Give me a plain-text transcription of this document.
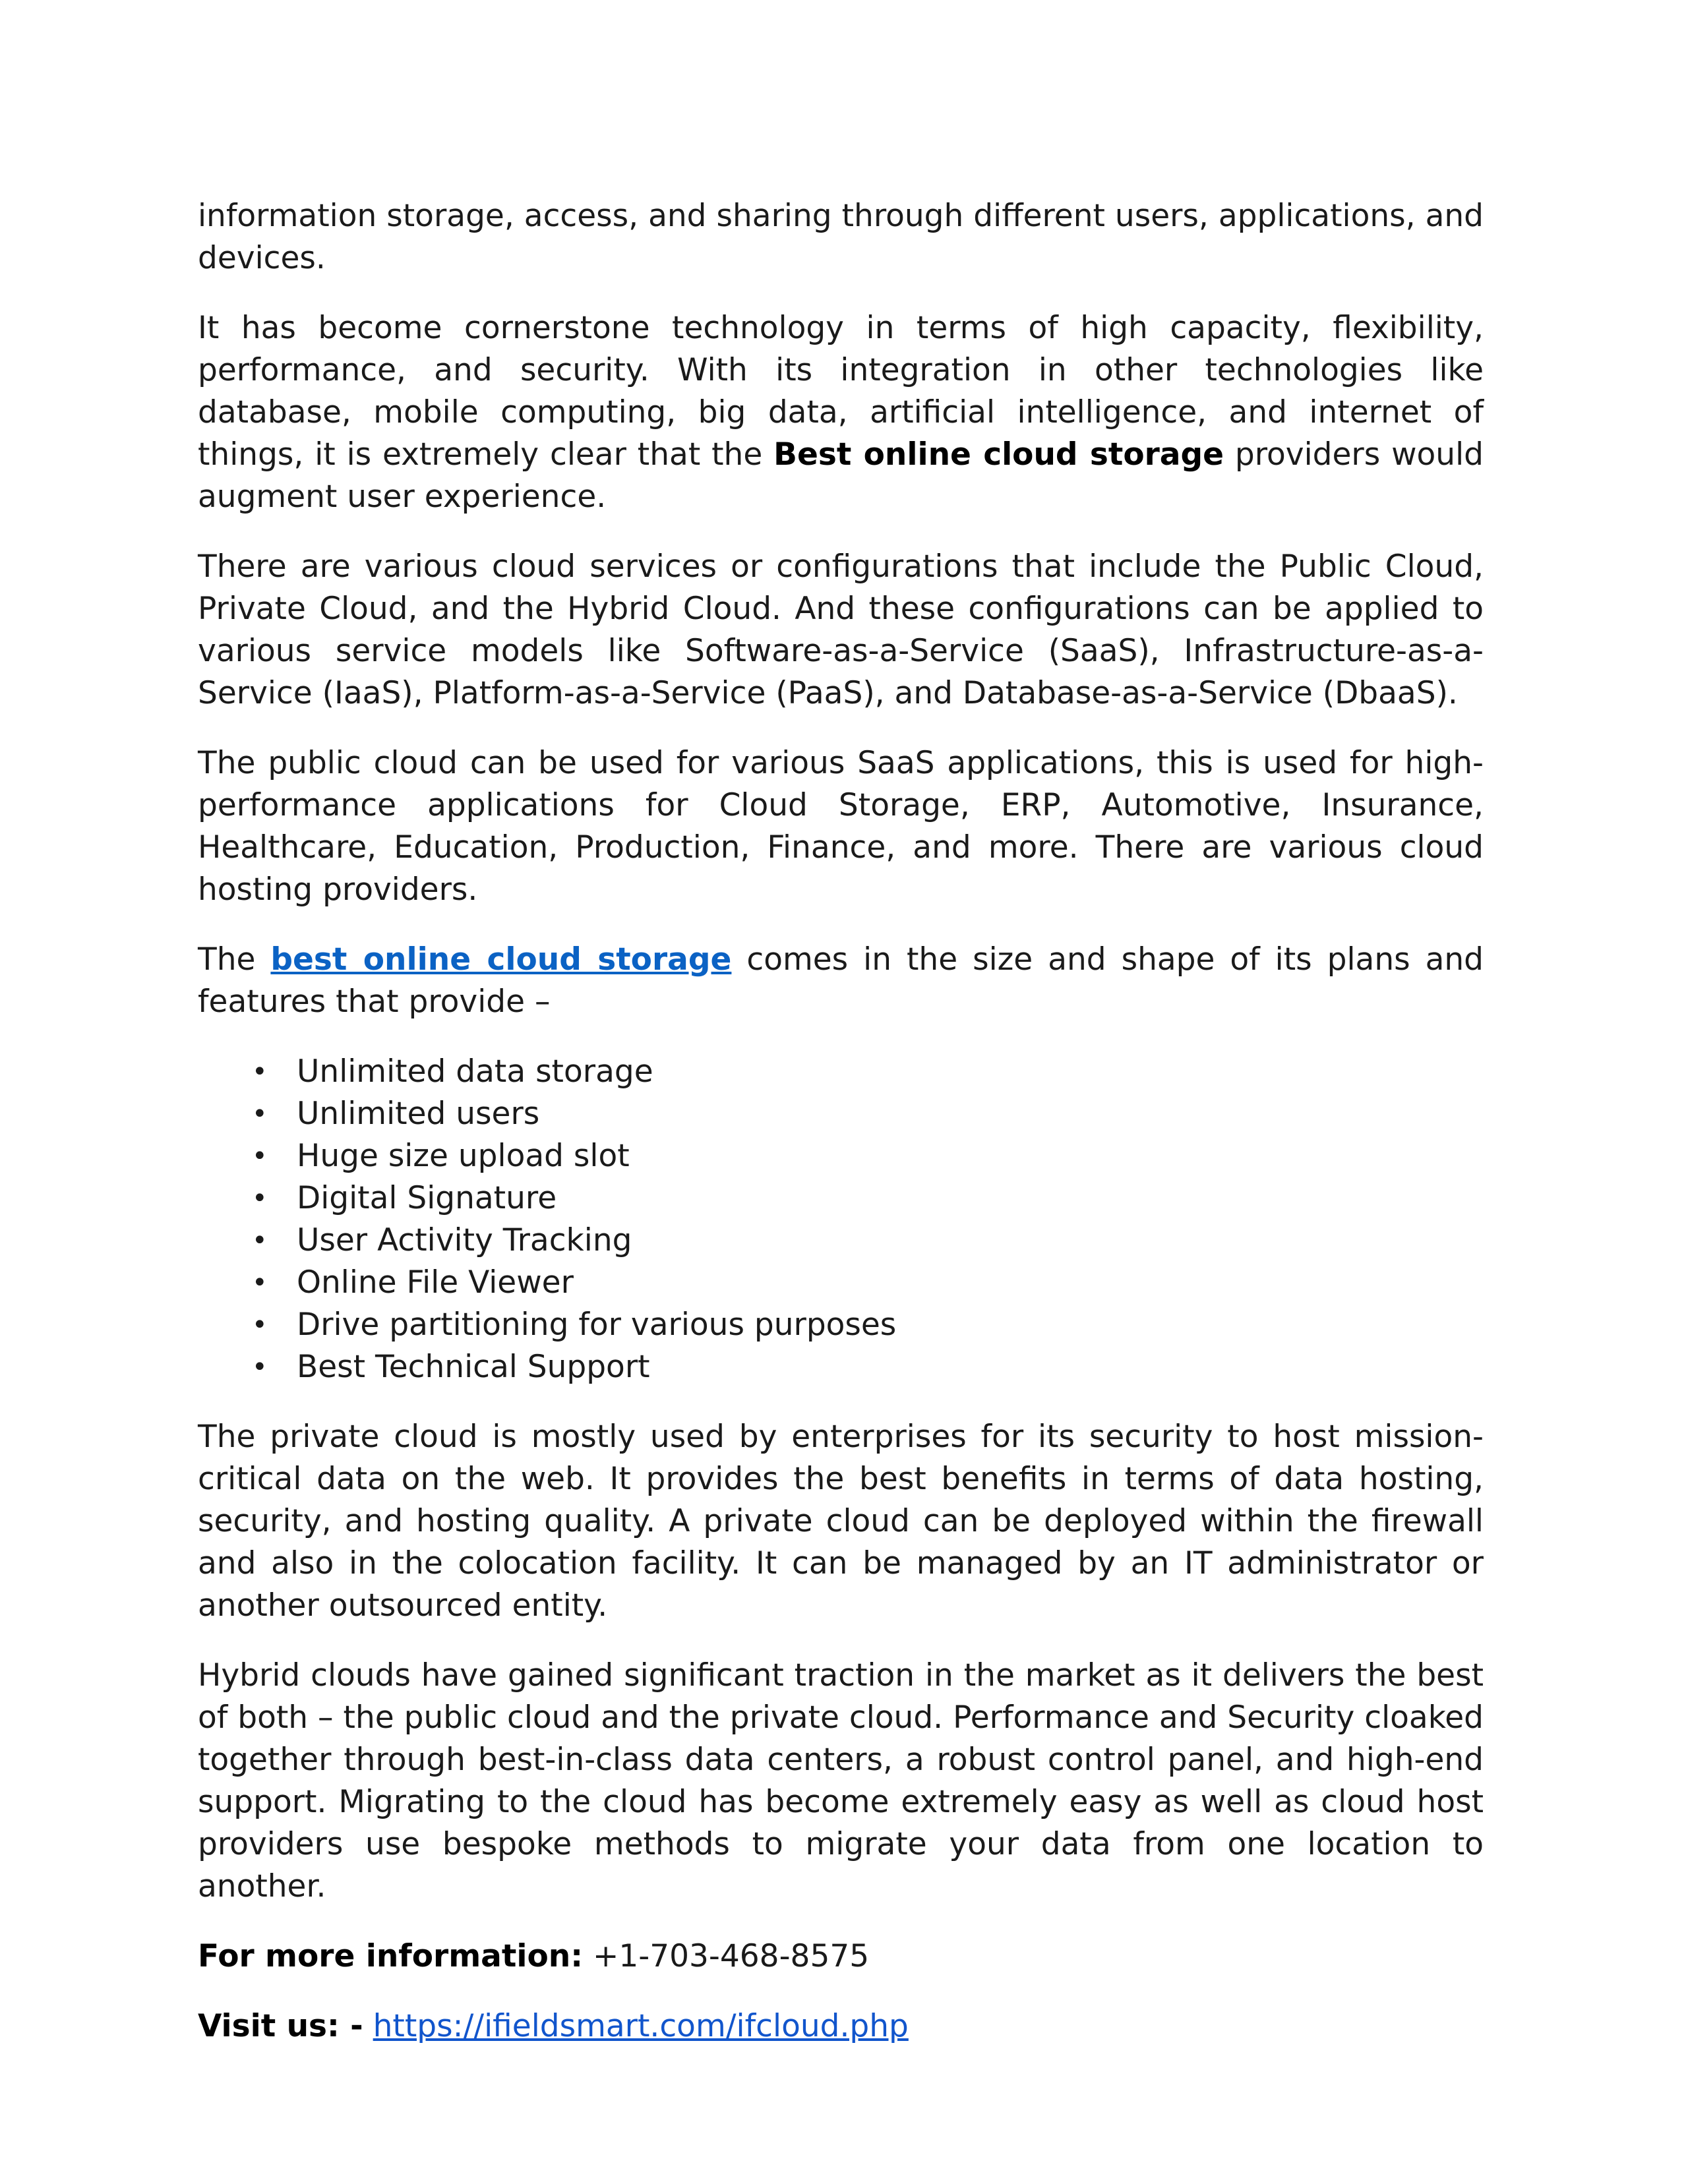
information storage, access, and sharing through different users, applications, and devices.

It has become cornerstone technology in terms of high capacity, flexibility, performance, and security. With its integration in other technologies like database, mobile computing, big data, artificial intelligence, and internet of things, it is extremely clear that the Best online cloud storage providers would augment user experience.

There are various cloud services or configurations that include the Public Cloud, Private Cloud, and the Hybrid Cloud. And these configurations can be applied to various service models like Software-as-a-Service (SaaS), Infrastructure-as-a-Service (IaaS), Platform-as-a-Service (PaaS), and Database-as-a-Service (DbaaS).

The public cloud can be used for various SaaS applications, this is used for high-performance applications for Cloud Storage, ERP, Automotive, Insurance, Healthcare, Education, Production, Finance, and more. There are various cloud hosting providers.

The best online cloud storage comes in the size and shape of its plans and features that provide –

• Unlimited data storage
• Unlimited users
• Huge size upload slot
• Digital Signature
• User Activity Tracking
• Online File Viewer
• Drive partitioning for various purposes
• Best Technical Support

The private cloud is mostly used by enterprises for its security to host mission-critical data on the web. It provides the best benefits in terms of data hosting, security, and hosting quality. A private cloud can be deployed within the firewall and also in the colocation facility. It can be managed by an IT administrator or another outsourced entity.

Hybrid clouds have gained significant traction in the market as it delivers the best of both – the public cloud and the private cloud. Performance and Security cloaked together through best-in-class data centers, a robust control panel, and high-end support. Migrating to the cloud has become extremely easy as well as cloud host providers use bespoke methods to migrate your data from one location to another.

For more information: +1-703-468-8575

Visit us: - https://ifieldsmart.com/ifcloud.php
